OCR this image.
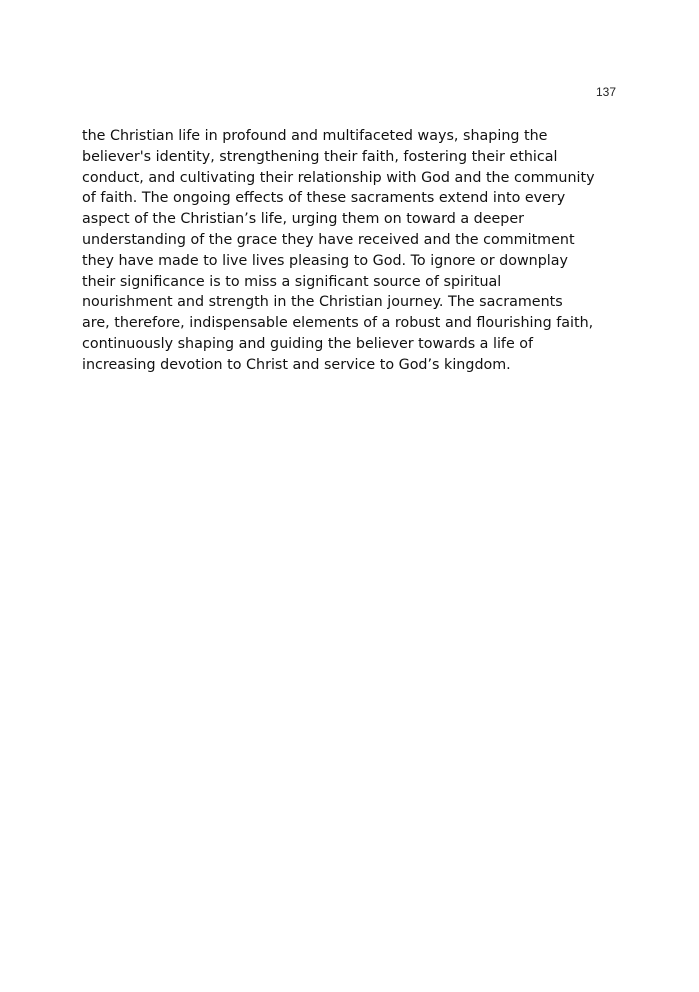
137
the Christian life in profound and multifaceted ways, shaping the
believer's identity, strengthening their faith, fostering their ethical
conduct, and cultivating their relationship with God and the community
of faith. The ongoing effects of these sacraments extend into every
aspect of the Christian’s life, urging them on toward a deeper
understanding of the grace they have received and the commitment
they have made to live lives pleasing to God. To ignore or downplay
their significance is to miss a significant source of spiritual
nourishment and strength in the Christian journey. The sacraments
are, therefore, indispensable elements of a robust and flourishing faith,
continuously shaping and guiding the believer towards a life of
increasing devotion to Christ and service to God’s kingdom.
